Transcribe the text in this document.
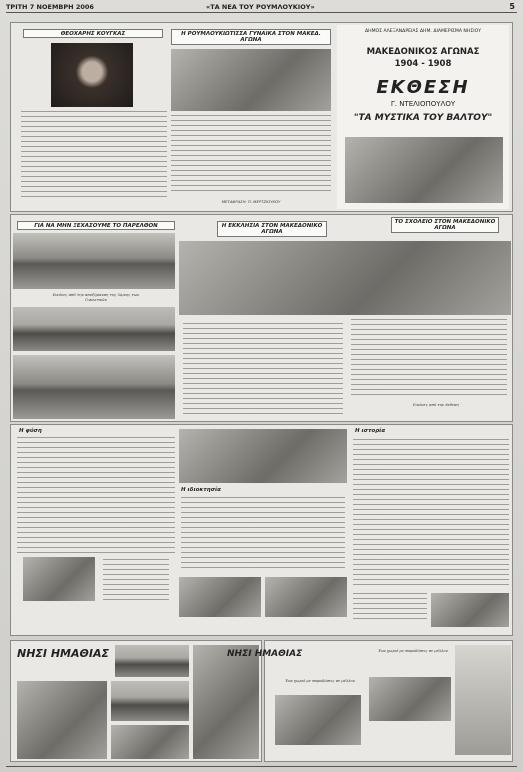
ΤΡΙΤΗ 7 ΝΟΕΜΒΡΗ 2006	«ΤΑ ΝΕΑ ΤΟΥ ΡΟΥΜΛΟΥΚΙΟΥ»	5
ΘΕΟΧΑΡΗΣ ΚΟΥΓΚΑΣ	Η ΡΟΥΜΛΟΥΚΙΩΤΙΣΣΑ ΓΥΝΑΙΚΑ ΣΤΟΝ ΜΑΚΕΔ. ΑΓΩΝΑ
ΜΕΤΑΦΡΑΣΗ: Π. ΜΕΡΤΖΙΟΥΚΟΥ
ΔΗΜΟΣ ΑΛΕΞΑΝΔΡΕΙΑΣ ΔΗΜ. ΔΙΑΜΕΡΙΣΜΑ ΝΗΣΙΟΥ
ΜΑΚΕΔΟΝΙΚΟΣ ΑΓΩΝΑΣ
1904 - 1908
ΕΚΘΕΣΗ
Γ. ΝΤΕΛΙΟΠΟΥΛΟΥ
"ΤΑ ΜΥΣΤΙΚΑ ΤΟΥ ΒΑΛΤΟΥ"
ΓΙΑ ΝΑ ΜΗΝ ΞΕΧΑΣΟΥΜΕ ΤΟ ΠΑΡΕΛΘΟΝ
Εικόνες από την αποξήρανση της λίμνης των Γιαννιτσών
Η ΕΚΚΛΗΣΙΑ ΣΤΟΝ ΜΑΚΕΔΟΝΙΚΟ ΑΓΩΝΑ
ΤΟ ΣΧΟΛΕΙΟ ΣΤΟΝ ΜΑΚΕΔΟΝΙΚΟ ΑΓΩΝΑ
Εικόνες από την έκθεση
Η φύση
Η ιδιοκτησία
Η ιστορία
ΝΗΣΙ ΗΜΑΘΙΑΣ	ΝΗΣΙ ΗΜΑΘΙΑΣ
Ένα χωριό με παραδόσεις σε μέλλον
Ένα χωριό με παραδόσεις σε μέλλον
